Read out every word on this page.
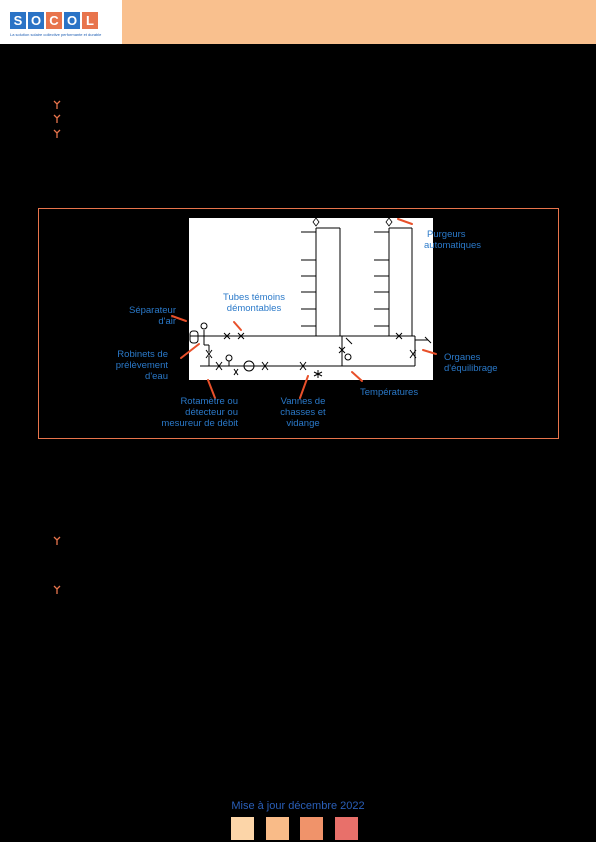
S O C O L
La solution solaire collective performante et durable
Séparateur
d'air
Tubes témoins
démontables
Purgeurs
automatiques
Robinets de
prélèvement
d'eau
Organes
d'équilibrage
Températures
Rotamètre ou
détecteur ou
mesureur de débit
Vannes de
chasses et
vidange
Mise à jour décembre 2022
